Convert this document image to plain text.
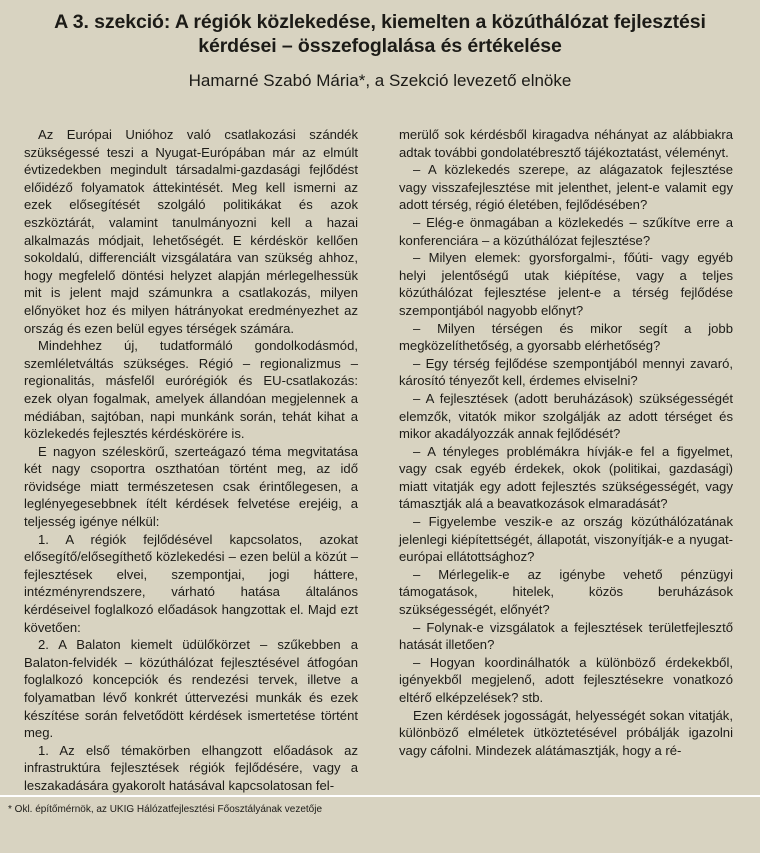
A 3. szekció: A régiók közlekedése, kiemelten a közúthálózat fejlesztési
kérdései – összefoglalása és értékelése
Hamarné Szabó Mária*, a Szekció levezető elnöke

Az Európai Unióhoz való csatlakozási szándék szükségessé teszi a Nyugat-Európában már az elmúlt évtizedekben megindult társadalmi-gazdasági fejlődést előidéző folyamatok áttekintését. Meg kell ismerni az ezek elősegítését szolgáló politikákat és azok eszköztárát, valamint tanulmányozni kell a hazai alkalmazás módjait, lehetőségét. E kérdéskör kellően sokoldalú, differenciált vizsgálatára van szükség ahhoz, hogy megfelelő döntési helyzet alapján mérlegelhessük mit is jelent majd számunkra a csatlakozás, milyen előnyöket hoz és milyen hátrányokat eredményezhet az ország és ezen belül egyes térségek számára.

Mindehhez új, tudatformáló gondolkodásmód, szemléletváltás szükséges. Régió – regionalizmus – regionalitás, másfelől eurórégiók és EU-csatlakozás: ezek olyan fogalmak, amelyek állandóan megjelennek a médiában, sajtóban, napi munkánk során, tehát kihat a közlekedés fejlesztés kérdéskörére is.

E nagyon széleskörű, szerteágazó téma megvitatása két nagy csoportra oszthatóan történt meg, az idő rövidsége miatt természetesen csak érintőlegesen, a leglényegesebbnek ítélt kérdések felvetése erejéig, a teljesség igénye nélkül:

1. A régiók fejlődésével kapcsolatos, azokat elősegítő/elősegíthető közlekedési – ezen belül a közút – fejlesztések elvei, szempontjai, jogi háttere, intézményrendszere, várható hatása általános kérdéseivel foglalkozó előadások hangzottak el. Majd ezt követően:

2. A Balaton kiemelt üdülőkörzet – szűkebben a Balaton-felvidék – közúthálózat fejlesztésével átfogóan foglalkozó koncepciók és rendezési tervek, illetve a folyamatban lévő konkrét úttervezési munkák és ezek készítése során felvetődött kérdések ismertetése történt meg.

1. Az első témakörben elhangzott előadások az infrastruktúra fejlesztések régiók fejlődésére, vagy a leszakadására gyakorolt hatásával kapcsolatosan fel-

merülő sok kérdésből kiragadva néhányat az alábbiakra adtak további gondolatébresztő tájékoztatást, véleményt.

– A közlekedés szerepe, az alágazatok fejlesztése vagy visszafejlesztése mit jelenthet, jelent-e valamit egy adott térség, régió életében, fejlődésében?

– Elég-e önmagában a közlekedés – szűkítve erre a konferenciára – a közúthálózat fejlesztése?

– Milyen elemek: gyorsforgalmi-, főúti- vagy egyéb helyi jelentőségű utak kiépítése, vagy a teljes közúthálózat fejlesztése jelent-e a térség fejlődése szempontjából nagyobb előnyt?

– Milyen térségen és mikor segít a jobb megközelíthetőség, a gyorsabb elérhetőség?

– Egy térség fejlődése szempontjából mennyi zavaró, károsító tényezőt kell, érdemes elviselni?

– A fejlesztések (adott beruházások) szükségességét elemzők, vitatók mikor szolgálják az adott térséget és mikor akadályozzák annak fejlődését?

– A tényleges problémákra hívják-e fel a figyelmet, vagy csak egyéb érdekek, okok (politikai, gazdasági) miatt vitatják egy adott fejlesztés szükségességét, vagy támasztják alá a beavatkozások elmaradását?

– Figyelembe veszik-e az ország közúthálózatának jelenlegi kiépítettségét, állapotát, viszonyítják-e a nyugat-európai ellátottsághoz?

– Mérlegelik-e az igénybe vehető pénzügyi támogatások, hitelek, közös beruházások szükségességét, előnyét?

– Folynak-e vizsgálatok a fejlesztések területfejlesztő hatását illetően?

– Hogyan koordinálhatók a különböző érdekekből, igényekből megjelenő, adott fejlesztésekre vonatkozó eltérő elképzelések? stb.

Ezen kérdések jogosságát, helyességét sokan vitatják, különböző elméletek ütköztetésével próbálják igazolni vagy cáfolni. Mindezek alátámasztják, hogy a ré-

* Okl. építőmérnök, az UKIG Hálózatfejlesztési Főosztályának vezetője
